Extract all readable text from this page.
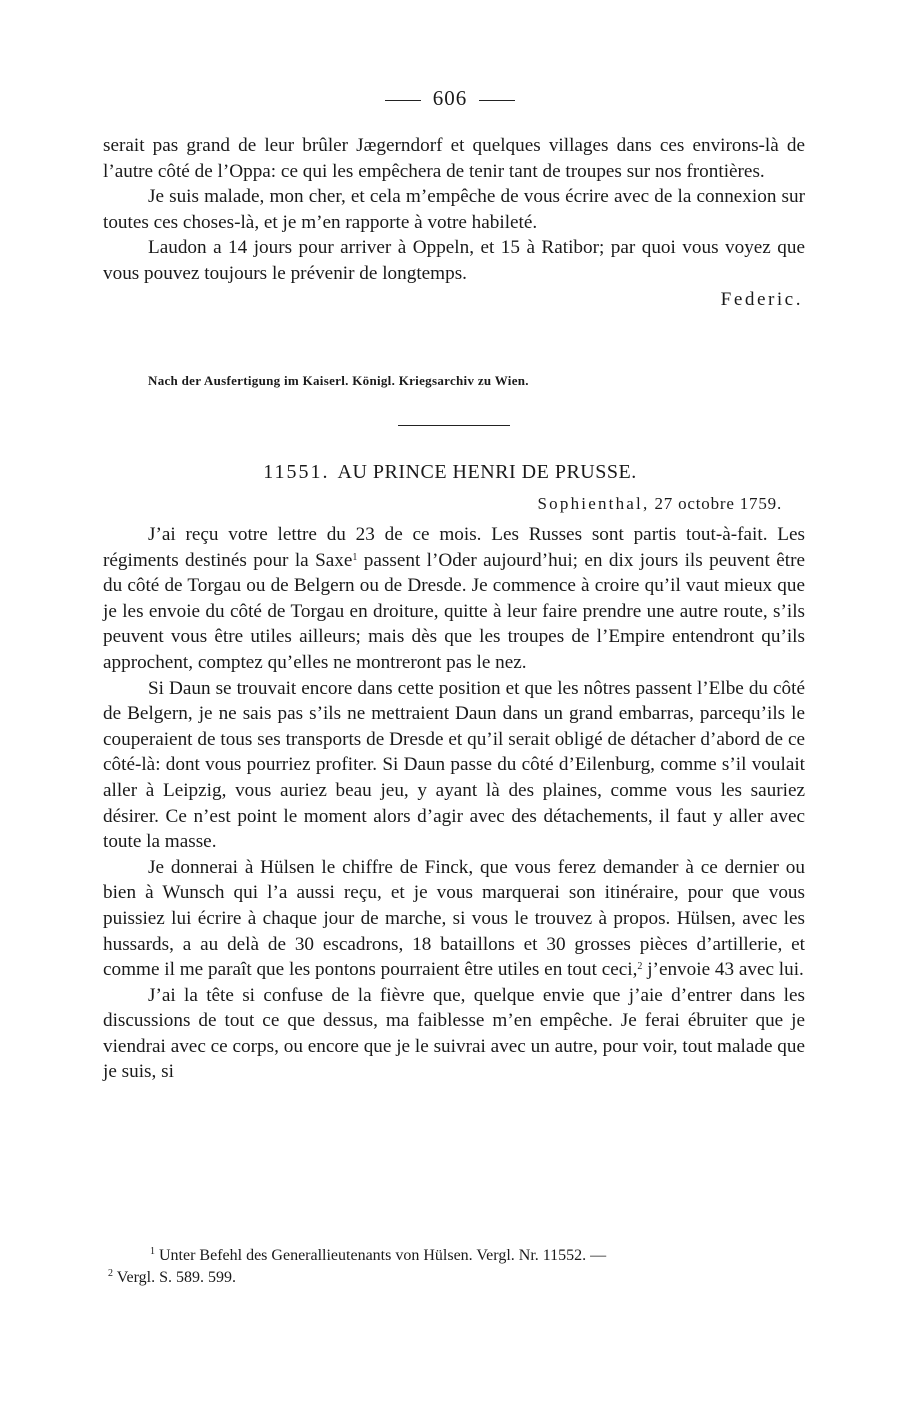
606

serait pas grand de leur brûler Jægerndorf et quelques villages dans ces environs-là de l’autre côté de l’Oppa: ce qui les empêchera de tenir tant de troupes sur nos frontières.

Je suis malade, mon cher, et cela m’empêche de vous écrire avec de la connexion sur toutes ces choses-là, et je m’en rapporte à votre habileté.

Laudon a 14 jours pour arriver à Oppeln, et 15 à Ratibor; par quoi vous voyez que vous pouvez toujours le prévenir de longtemps.

Federic.

Nach der Ausfertigung im Kaiserl. Königl. Kriegsarchiv zu Wien.
11551. AU PRINCE HENRI DE PRUSSE.
Sophienthal, 27 octobre 1759.

J’ai reçu votre lettre du 23 de ce mois. Les Russes sont partis tout-à-fait. Les régiments destinés pour la Saxe$^1$ passent l’Oder aujourd’hui; en dix jours ils peuvent être du côté de Torgau ou de Belgern ou de Dresde. Je commence à croire qu’il vaut mieux que je les envoie du côté de Torgau en droiture, quitte à leur faire prendre une autre route, s’ils peuvent vous être utiles ailleurs; mais dès que les troupes de l’Empire entendront qu’ils approchent, comptez qu’elles ne montreront pas le nez.

Si Daun se trouvait encore dans cette position et que les nôtres passent l’Elbe du côté de Belgern, je ne sais pas s’ils ne mettraient Daun dans un grand embarras, parcequ’ils le couperaient de tous ses transports de Dresde et qu’il serait obligé de détacher d’abord de ce côté-là: dont vous pourriez profiter. Si Daun passe du côté d’Eilenburg, comme s’il voulait aller à Leipzig, vous auriez beau jeu, y ayant là des plaines, comme vous les sauriez désirer. Ce n’est point le moment alors d’agir avec des détachements, il faut y aller avec toute la masse.

Je donnerai à Hülsen le chiffre de Finck, que vous ferez demander à ce dernier ou bien à Wunsch qui l’a aussi reçu, et je vous marquerai son itinéraire, pour que vous puissiez lui écrire à chaque jour de marche, si vous le trouvez à propos. Hülsen, avec les hussards, a au delà de 30 escadrons, 18 bataillons et 30 grosses pièces d’artillerie, et comme il me paraît que les pontons pourraient être utiles en tout ceci,$^2$ j’envoie 43 avec lui.

J’ai la tête si confuse de la fièvre que, quelque envie que j’aie d’entrer dans les discussions de tout ce que dessus, ma faiblesse m’en empêche. Je ferai ébruiter que je viendrai avec ce corps, ou encore que je le suivrai avec un autre, pour voir, tout malade que je suis, si

$^1$ Unter Befehl des Generallieutenants von Hülsen. Vergl. Nr. 11552. —

$^2$ Vergl. S. 589. 599.
